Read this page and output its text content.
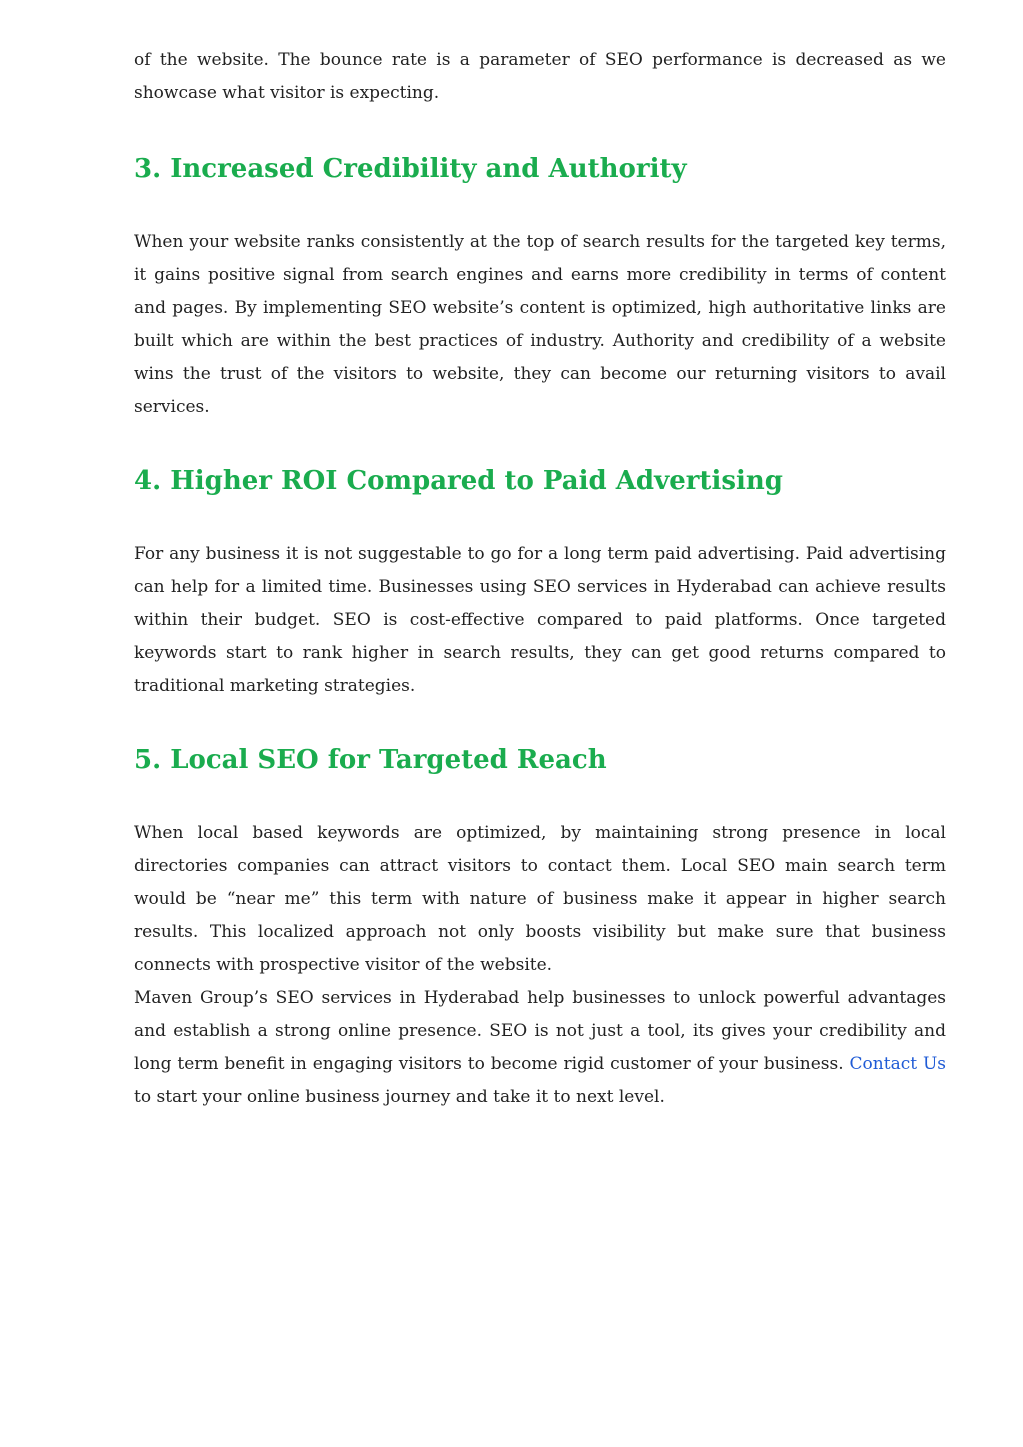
of the website. The bounce rate is a parameter of SEO performance is decreased as we showcase what visitor is expecting.

3. Increased Credibility and Authority

When your website ranks consistently at the top of search results for the targeted key terms, it gains positive signal from search engines and earns more credibility in terms of content and pages. By implementing SEO website’s content is optimized, high authoritative links are built which are within the best practices of industry. Authority and credibility of a website wins the trust of the visitors to website, they can become our returning visitors to avail services.

4. Higher ROI Compared to Paid Advertising

For any business it is not suggestable to go for a long term paid advertising. Paid advertising can help for a limited time. Businesses using SEO services in Hyderabad can achieve results within their budget. SEO is cost-effective compared to paid platforms. Once targeted keywords start to rank higher in search results, they can get good returns compared to traditional marketing strategies.

5. Local SEO for Targeted Reach

When local based keywords are optimized, by maintaining strong presence in local directories companies can attract visitors to contact them. Local SEO main search term would be “near me” this term with nature of business make it appear in higher search results. This localized approach not only boosts visibility but make sure that business connects with prospective visitor of the website.

Maven Group’s SEO services in Hyderabad help businesses to unlock powerful advantages and establish a strong online presence. SEO is not just a tool, its gives your credibility and long term benefit in engaging visitors to become rigid customer of your business. Contact Us to start your online business journey and take it to next level.
